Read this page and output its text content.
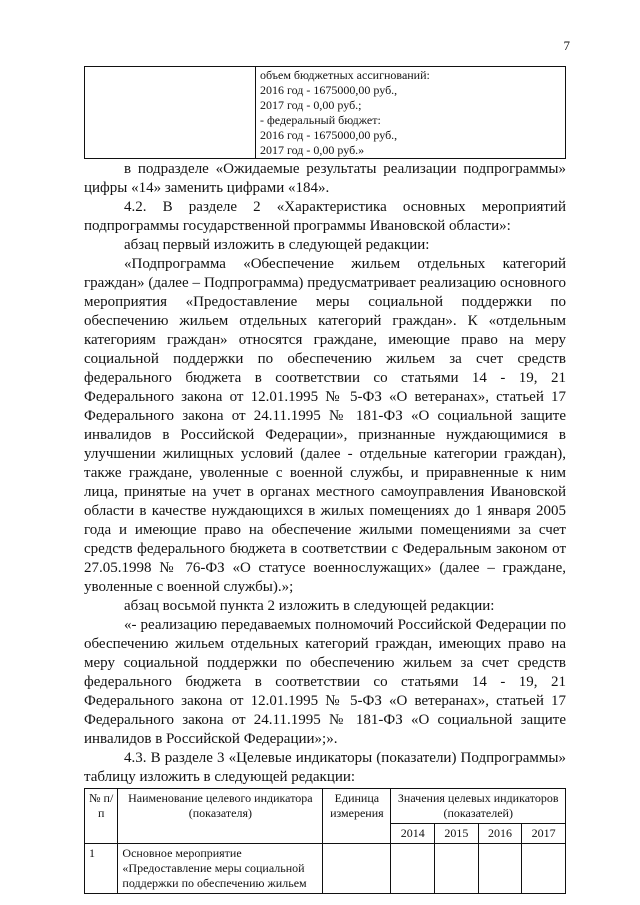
7

объем бюджетных ассигнований:
2016 год - 1675000,00 руб.,
2017 год - 0,00 руб.;
- федеральный бюджет:
2016 год - 1675000,00 руб.,
2017 год - 0,00 руб.»

в подразделе «Ожидаемые результаты реализации подпрограммы» цифры «14» заменить цифрами «184».

4.2. В разделе 2 «Характеристика основных мероприятий подпрограммы государственной программы Ивановской области»:

абзац первый изложить в следующей редакции:

«Подпрограмма «Обеспечение жильем отдельных категорий граждан» (далее – Подпрограмма) предусматривает реализацию основного мероприятия «Предоставление меры социальной поддержки по обеспечению жильем отдельных категорий граждан». К «отдельным категориям граждан» относятся граждане, имеющие право на меру социальной поддержки по обеспечению жильем за счет средств федерального бюджета в соответствии со статьями 14 - 19, 21 Федерального закона от 12.01.1995 № 5-ФЗ «О ветеранах», статьей 17 Федерального закона от 24.11.1995 № 181-ФЗ «О социальной защите инвалидов в Российской Федерации», признанные нуждающимися в улучшении жилищных условий (далее - отдельные категории граждан), также граждане, уволенные с военной службы, и приравненные к ним лица, принятые на учет в органах местного самоуправления Ивановской области в качестве нуждающихся в жилых помещениях до 1 января 2005 года и имеющие право на обеспечение жилыми помещениями за счет средств федерального бюджета в соответствии с Федеральным законом от 27.05.1998 № 76-ФЗ «О статусе военнослужащих» (далее – граждане, уволенные с военной службы).»;

абзац восьмой пункта 2 изложить в следующей редакции:

«- реализацию передаваемых полномочий Российской Федерации по обеспечению жильем отдельных категорий граждан, имеющих право на меру социальной поддержки по обеспечению жильем за счет средств федерального бюджета в соответствии со статьями 14 - 19, 21 Федерального закона от 12.01.1995 № 5-ФЗ «О ветеранах», статьей 17 Федерального закона от 24.11.1995 № 181-ФЗ «О социальной защите инвалидов в Российской Федерации»;».

4.3. В разделе 3 «Целевые индикаторы (показатели) Подпрограммы» таблицу изложить в следующей редакции:

№ п/п	Наименование целевого индикатора (показателя)	Единица измерения	Значения целевых индикаторов (показателей)			
			2014	2015	2016	2017
1	Основное мероприятие «Предоставление меры социальной поддержки по обеспечению жильем					
